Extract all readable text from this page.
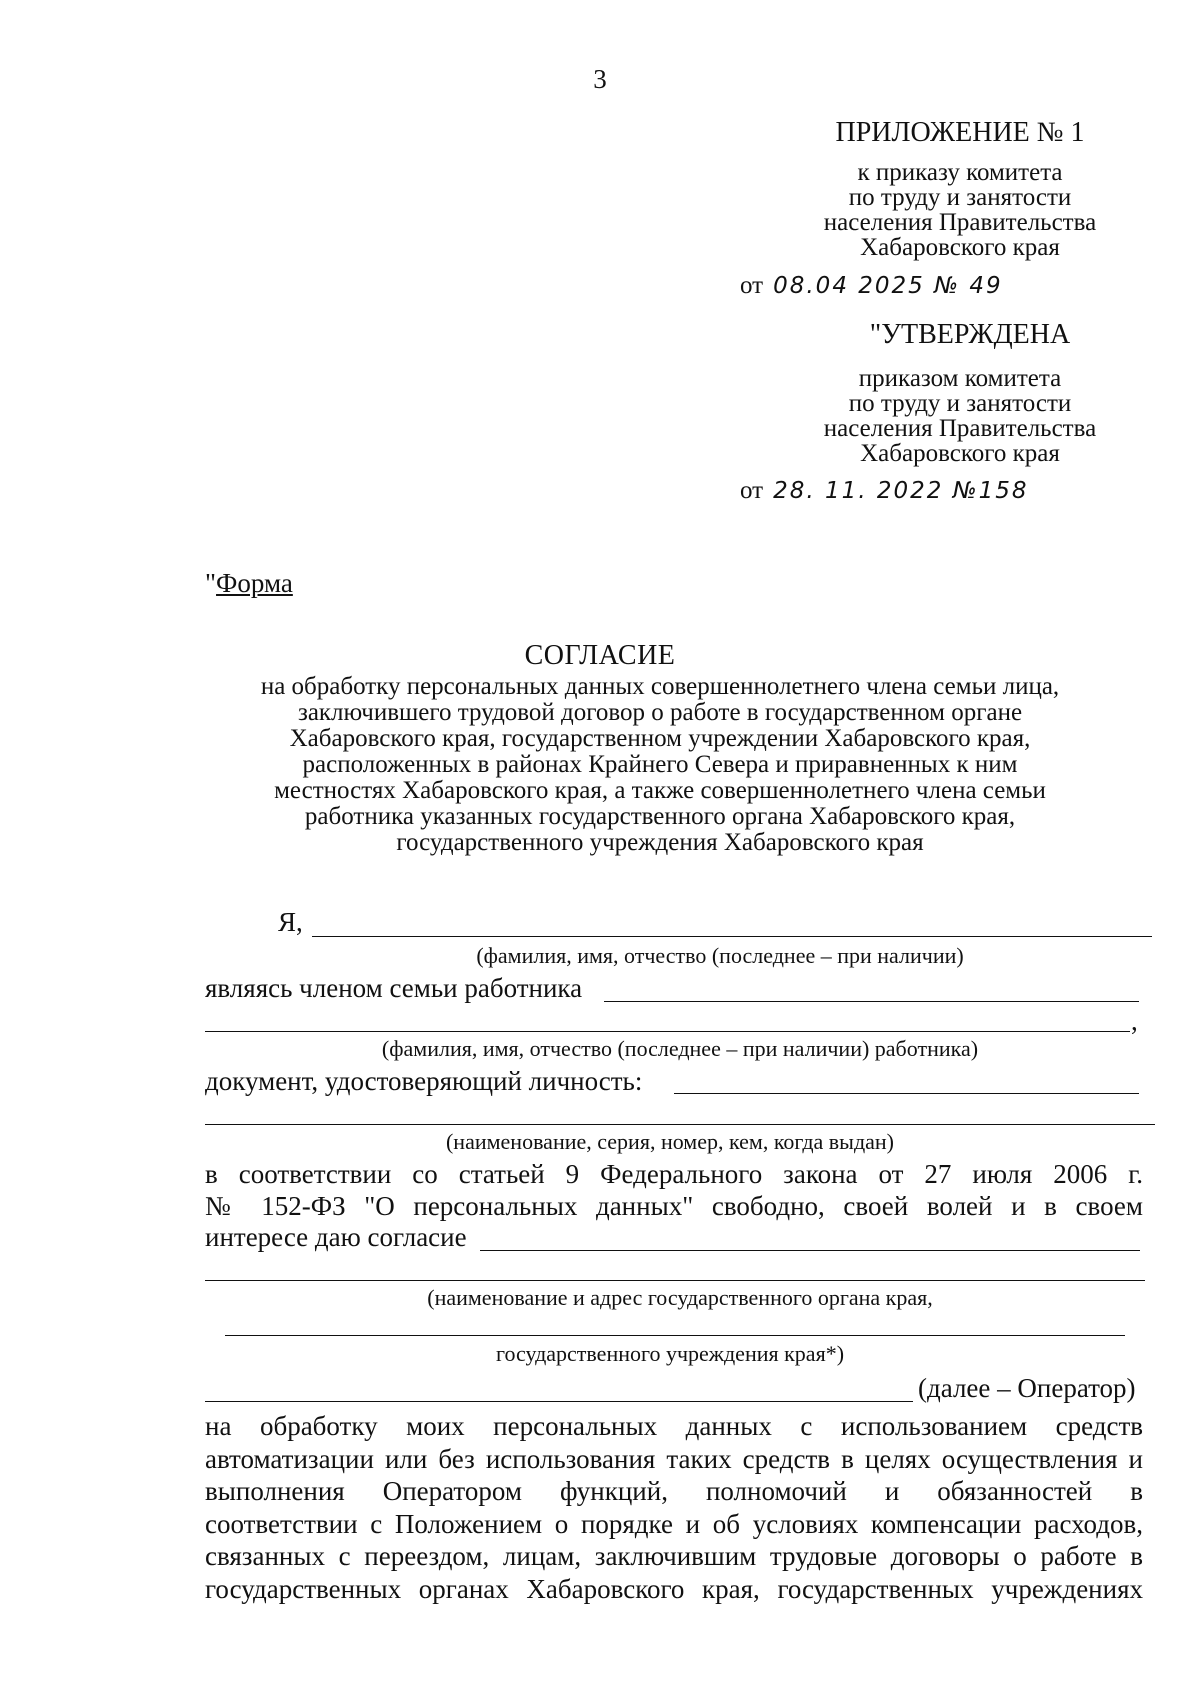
3
ПРИЛОЖЕНИЕ № 1
к приказу комитета
по труду и занятости
населения Правительства
Хабаровского края
от 08.04 2025 № 49
"УТВЕРЖДЕНА
приказом комитета
по труду и занятости
населения Правительства
Хабаровского края
от 28. 11. 2022 №158
"Форма
СОГЛАСИЕ
на обработку персональных данных совершеннолетнего члена семьи лица,
заключившего трудовой договор о работе в государственном органе
Хабаровского края, государственном учреждении Хабаровского края,
расположенных в районах Крайнего Севера и приравненных к ним
местностях Хабаровского края, а также совершеннолетнего члена семьи
работника указанных государственного органа Хабаровского края,
государственного учреждения Хабаровского края
Я,
(фамилия, имя, отчество (последнее – при наличии)
являясь членом семьи работника
,
(фамилия, имя, отчество (последнее – при наличии) работника)
документ, удостоверяющий личность:
(наименование, серия, номер, кем, когда выдан)
в соответствии со статьей 9 Федерального закона от 27 июля 2006 г.
№ 152-ФЗ "О персональных данных" свободно, своей волей и в своем
интересе даю согласие
(наименование и адрес государственного органа края,
государственного учреждения края*)
(далее – Оператор)
на обработку моих персональных данных с использованием средств
автоматизации или без использования таких средств в целях осуществления и
выполнения Оператором функций, полномочий и обязанностей в
соответствии с Положением о порядке и об условиях компенсации расходов,
связанных с переездом, лицам, заключившим трудовые договоры о работе в
государственных органах Хабаровского края, государственных учреждениях
